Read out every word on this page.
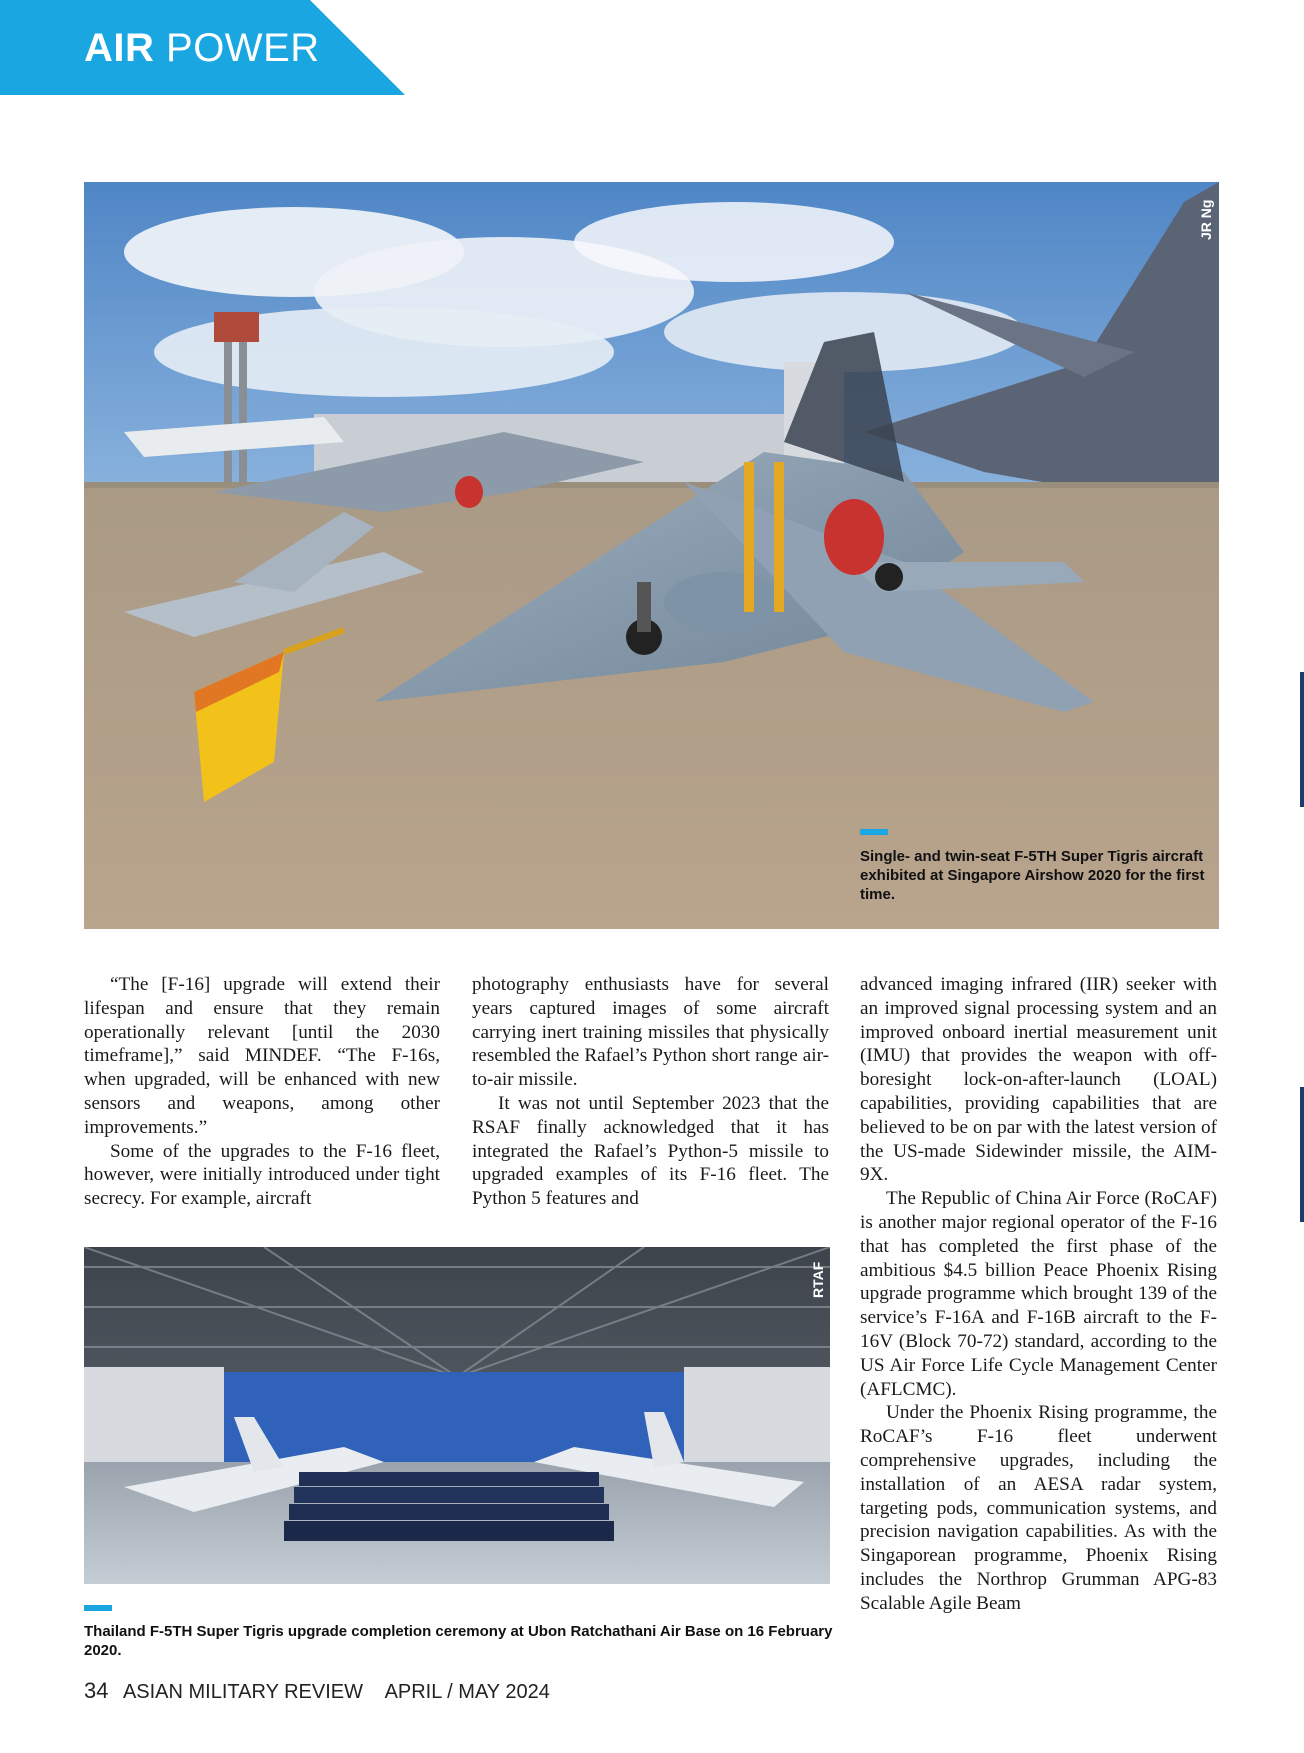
AIR POWER
JR Ng
Single- and twin-seat F-5TH Super Tigris aircraft exhibited at Singapore Airshow 2020 for the first time.

“The [F-16] upgrade will extend their lifespan and ensure that they remain operationally relevant [until the 2030 timeframe],” said MINDEF. “The F-16s, when upgraded, will be enhanced with new sensors and weapons, among other improvements.”

Some of the upgrades to the F-16 fleet, however, were initially introduced under tight secrecy. For example, aircraft

photography enthusiasts have for several years captured images of some aircraft carrying inert training missiles that physically resembled the Rafael’s Python short range air-to-air missile.

It was not until September 2023 that the RSAF finally acknowledged that it has integrated the Rafael’s Python-5 missile to upgraded examples of its F-16 fleet. The Python 5 features and

advanced imaging infrared (IIR) seeker with an improved signal processing system and an improved onboard inertial measurement unit (IMU) that provides the weapon with off-boresight lock-on-after-launch (LOAL) capabilities, providing capabilities that are believed to be on par with the latest version of the US-made Sidewinder missile, the AIM-9X.

The Republic of China Air Force (RoCAF) is another major regional operator of the F-16 that has completed the first phase of the ambitious $4.5 billion Peace Phoenix Rising upgrade programme which brought 139 of the service’s F-16A and F-16B aircraft to the F-16V (Block 70-72) standard, according to the US Air Force Life Cycle Management Center (AFLCMC).

Under the Phoenix Rising programme, the RoCAF’s F-16 fleet underwent comprehensive upgrades, including the installation of an AESA radar system, targeting pods, communication systems, and precision navigation capabilities. As with the Singaporean programme, Phoenix Rising includes the Northrop Grumman APG-83 Scalable Agile Beam

RTAF
Thailand F-5TH Super Tigris upgrade completion ceremony at Ubon Ratchathani Air Base on 16 February 2020.
34 ASIAN MILITARY REVIEW APRIL / MAY 2024
